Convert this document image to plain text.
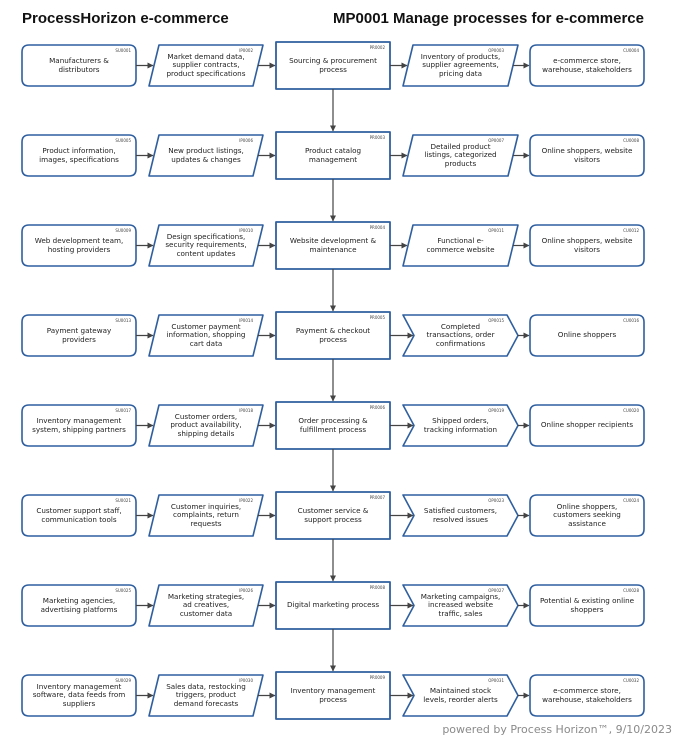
ProcessHorizon e-commerce	MP0001 Manage processes for e-commerce
SU0001
Manufacturers & distributors
IP0002
Market demand data, supplier contracts, product specifications
PR0002
Sourcing & procurement process
OP0003
Inventory of products, supplier agreements, pricing data
CU0004
e-commerce store, warehouse, stakeholders
SU0005
Product information, images, specifications
IP0006
New product listings, updates & changes
PR0003
Product catalog management
OP0007
Detailed product listings, categorized products
CU0008
Online shoppers, website visitors
SU0009
Web development team, hosting providers
IP0010
Design specifications, security requirements, content updates
PR0004
Website development & maintenance
OP0011
Functional e-commerce website
CU0012
Online shoppers, website visitors
SU0013
Payment gateway providers
IP0014
Customer payment information, shopping cart data
PR0005
Payment & checkout process
OP0015
Completed transactions, order confirmations
CU0016
Online shoppers
SU0017
Inventory management system, shipping partners
IP0018
Customer orders, product availability, shipping details
PR0006
Order processing & fulfillment process
OP0019
Shipped orders, tracking information
CU0020
Online shopper recipients
SU0021
Customer support staff, communication tools
IP0022
Customer inquiries, complaints, return requests
PR0007
Customer service & support process
OP0023
Satisfied customers, resolved issues
CU0024
Online shoppers, customers seeking assistance
SU0025
Marketing agencies, advertising platforms
IP0026
Marketing strategies, ad creatives, customer data
PR0008
Digital marketing process
OP0027
Marketing campaigns, increased website traffic, sales
CU0028
Potential & existing online shoppers
SU0029
Inventory management software, data feeds from suppliers
IP0030
Sales data, restocking triggers, product demand forecasts
PR0009
Inventory management process
OP0031
Maintained stock levels, reorder alerts
CU0032
e-commerce store, warehouse, stakeholders
powered by Process Horizon™, 9/10/2023
